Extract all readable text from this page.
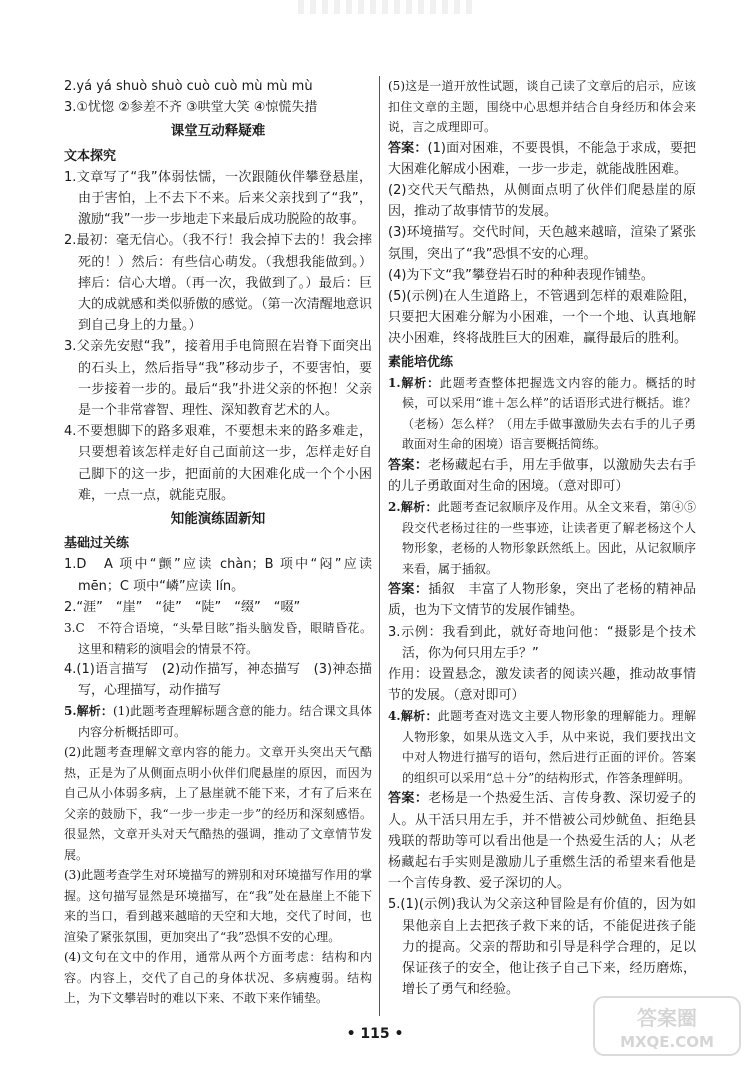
2.yá yá shuò shuò cuò cuò mù mù mù

3.①忧惚 ②参差不齐 ③哄堂大笑 ④惊慌失措

课堂互动释疑难
文本探究

1.文章写了“我”体弱怯懦，一次跟随伙伴攀登悬崖，由于害怕，上不去下不来。后来父亲找到了“我”，激励“我”一步一步地走下来最后成功脱险的故事。

2.最初：毫无信心。（我不行！我会掉下去的！我会摔死的！）然后：有些信心萌发。（我想我能做到。）摔后：信心大增。（再一次，我做到了。）最后：巨大的成就感和类似骄傲的感觉。（第一次清醒地意识到自己身上的力量。）

3.父亲先安慰“我”，接着用手电筒照在岩脊下面突出的石头上，然后指导“我”移动步子，不要害怕，要一步接着一步的。最后“我”扑进父亲的怀抱！父亲是一个非常睿智、理性、深知教育艺术的人。

4.不要想脚下的路多艰难，不要想未来的路多难走，只要想着该怎样走好自己面前这一步，怎样走好自己脚下的这一步，把面前的大困难化成一个个小困难，一点一点，就能克服。

知能演练固新知
基础过关练

1.D　A 项中“颤”应读 chàn；B 项中“闷”应读 mēn；C 项中“嶙”应读 lín。

2.“涯”　“崖”　“徒”　“陡”　“缀”　“啜”

3.C　不符合语境，“头晕目眩”指头脑发昏，眼睛昏花。这里和精彩的演唱会的情景不符。

4.(1)语言描写　(2)动作描写，神态描写　(3)神态描写，心理描写，动作描写

5.解析：(1)此题考查理解标题含意的能力。结合课文具体内容分析概括即可。

(2)此题考查理解文章内容的能力。文章开头突出天气酷热，正是为了从侧面点明小伙伴们爬悬崖的原因，而因为自己从小体弱多病，上了悬崖就不能下来，才有了后来在父亲的鼓励下，我“一步一步走一步”的经历和深刻感悟。很显然，文章开头对天气酷热的强调，推动了文章情节发展。

(3)此题考查学生对环境描写的辨别和对环境描写作用的掌握。这句描写显然是环境描写，在“我”处在悬崖上不能下来的当口，看到越来越暗的天空和大地，交代了时间，也渲染了紧张氛围，更加突出了“我”恐惧不安的心理。

(4)文句在文中的作用，通常从两个方面考虑：结构和内容。内容上，交代了自己的身体状况、多病瘦弱。结构上，为下文攀岩时的难以下来、不敢下来作铺垫。

(5)这是一道开放性试题，谈自己读了文章后的启示，应该扣住文章的主题，围绕中心思想并结合自身经历和体会来说，言之成理即可。

答案：(1)面对困难，不要畏惧，不能急于求成，要把大困难化解成小困难，一步一步走，就能战胜困难。

(2)交代天气酷热，从侧面点明了伙伴们爬悬崖的原因，推动了故事情节的发展。

(3)环境描写。交代时间，天色越来越暗，渲染了紧张氛围，突出了“我”恐惧不安的心理。

(4)为下文“我”攀登岩石时的种种表现作铺垫。

(5)(示例)在人生道路上，不管遇到怎样的艰难险阻，只要把大困难分解为小困难，一个一个地、认真地解决小困难，终将战胜巨大的困难，赢得最后的胜利。

素能培优练

1.解析：此题考查整体把握选文内容的能力。概括的时候，可以采用“谁＋怎么样”的话语形式进行概括。谁？（老杨）怎么样？（用左手做事激励失去右手的儿子勇敢面对生命的困境）语言要概括简练。

答案：老杨藏起右手，用左手做事，以激励失去右手的儿子勇敢面对生命的困境。（意对即可）

2.解析：此题考查记叙顺序及作用。从全文来看，第④⑤段交代老杨过往的一些事迹，让读者更了解老杨这个人物形象，老杨的人物形象跃然纸上。因此，从记叙顺序来看，属于插叙。

答案：插叙　丰富了人物形象，突出了老杨的精神品质，也为下文情节的发展作铺垫。

3.示例：我看到此，就好奇地问他：“摄影是个技术活，你为何只用左手？”

作用：设置悬念，激发读者的阅读兴趣，推动故事情节的发展。（意对即可）

4.解析：此题考查对选文主要人物形象的理解能力。理解人物形象，如果从选文入手，从中来说，我们要找出文中对人物进行描写的语句，然后进行正面的评价。答案的组织可以采用“总＋分”的结构形式，作答条理鲜明。

答案：老杨是一个热爱生活、言传身教、深切爱子的人。从干活只用左手，并不惜被公司炒鱿鱼、拒绝县残联的帮助等可以看出他是一个热爱生活的人；从老杨藏起右手实则是激励儿子重燃生活的希望来看他是一个言传身教、爱子深切的人。

5.(1)(示例)我认为父亲这种冒险是有价值的，因为如果他亲自上去把孩子救下来的话，不能促进孩子能力的提高。父亲的帮助和引导是科学合理的，足以保证孩子的安全，他让孩子自己下来，经历磨炼，增长了勇气和经验。

• 115 •
答案圈
MXQE.COM
